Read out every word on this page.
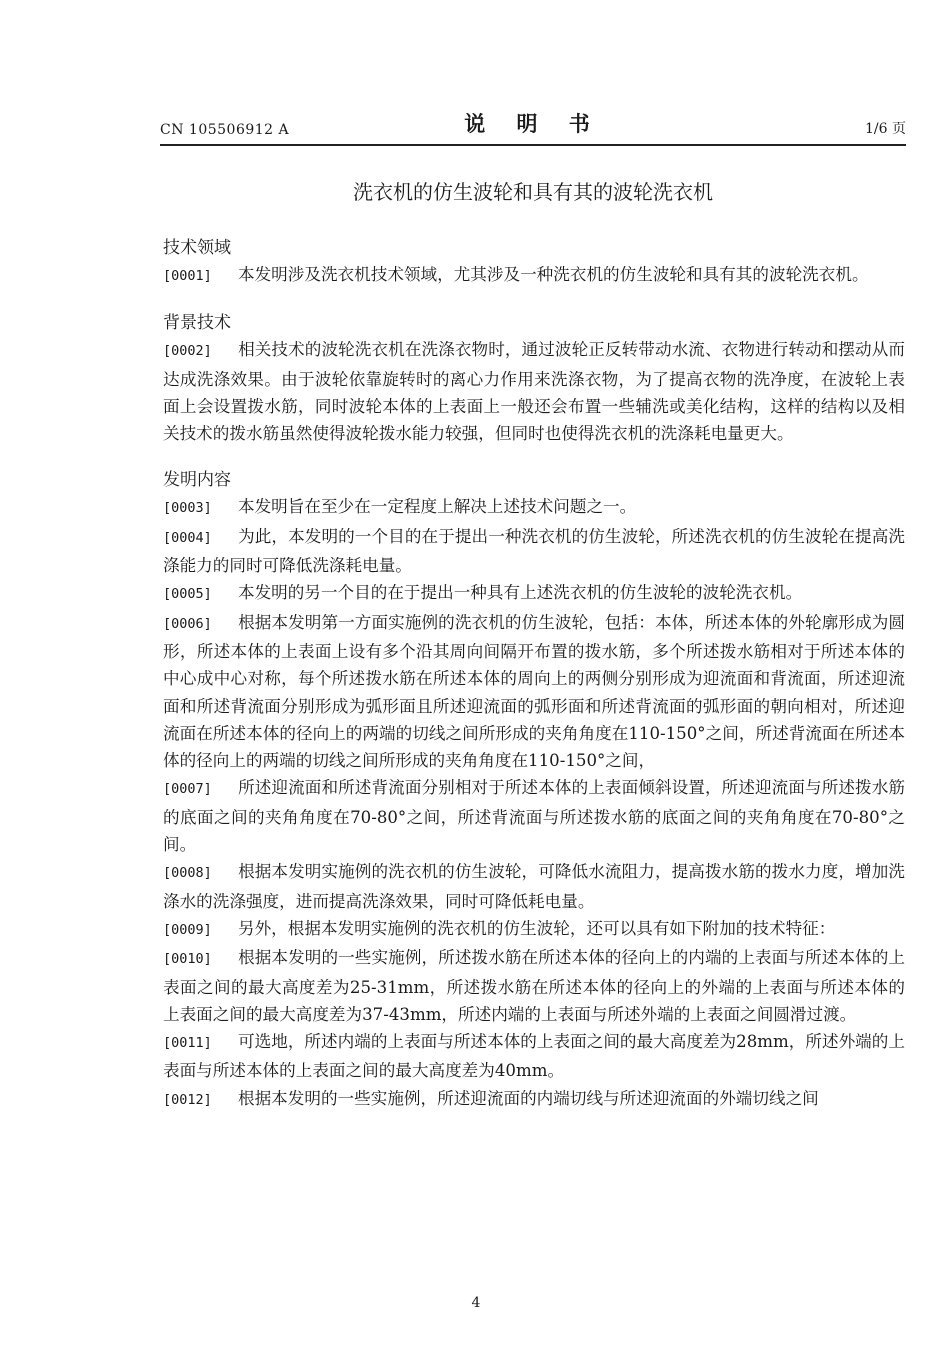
CN 105506912 A	说 明 书	1/6 页
洗衣机的仿生波轮和具有其的波轮洗衣机
技术领域
[0001] 本发明涉及洗衣机技术领域，尤其涉及一种洗衣机的仿生波轮和具有其的波轮洗衣机。
背景技术
[0002] 相关技术的波轮洗衣机在洗涤衣物时，通过波轮正反转带动水流、衣物进行转动和摆动从而达成洗涤效果。由于波轮依靠旋转时的离心力作用来洗涤衣物，为了提高衣物的洗净度，在波轮上表面上会设置拨水筋，同时波轮本体的上表面上一般还会布置一些辅洗或美化结构，这样的结构以及相关技术的拨水筋虽然使得波轮拨水能力较强，但同时也使得洗衣机的洗涤耗电量更大。
发明内容
[0003] 本发明旨在至少在一定程度上解决上述技术问题之一。
[0004] 为此，本发明的一个目的在于提出一种洗衣机的仿生波轮，所述洗衣机的仿生波轮在提高洗涤能力的同时可降低洗涤耗电量。
[0005] 本发明的另一个目的在于提出一种具有上述洗衣机的仿生波轮的波轮洗衣机。
[0006] 根据本发明第一方面实施例的洗衣机的仿生波轮，包括：本体，所述本体的外轮廓形成为圆形，所述本体的上表面上设有多个沿其周向间隔开布置的拨水筋，多个所述拨水筋相对于所述本体的中心成中心对称，每个所述拨水筋在所述本体的周向上的两侧分别形成为迎流面和背流面，所述迎流面和所述背流面分别形成为弧形面且所述迎流面的弧形面和所述背流面的弧形面的朝向相对，所述迎流面在所述本体的径向上的两端的切线之间所形成的夹角角度在110-150°之间，所述背流面在所述本体的径向上的两端的切线之间所形成的夹角角度在110-150°之间，
[0007] 所述迎流面和所述背流面分别相对于所述本体的上表面倾斜设置，所述迎流面与所述拨水筋的底面之间的夹角角度在70-80°之间，所述背流面与所述拨水筋的底面之间的夹角角度在70-80°之间。
[0008] 根据本发明实施例的洗衣机的仿生波轮，可降低水流阻力，提高拨水筋的拨水力度，增加洗涤水的洗涤强度，进而提高洗涤效果，同时可降低耗电量。
[0009] 另外，根据本发明实施例的洗衣机的仿生波轮，还可以具有如下附加的技术特征：
[0010] 根据本发明的一些实施例，所述拨水筋在所述本体的径向上的内端的上表面与所述本体的上表面之间的最大高度差为25-31mm，所述拨水筋在所述本体的径向上的外端的上表面与所述本体的上表面之间的最大高度差为37-43mm，所述内端的上表面与所述外端的上表面之间圆滑过渡。
[0011] 可选地，所述内端的上表面与所述本体的上表面之间的最大高度差为28mm，所述外端的上表面与所述本体的上表面之间的最大高度差为40mm。
[0012] 根据本发明的一些实施例，所述迎流面的内端切线与所述迎流面的外端切线之间
4
